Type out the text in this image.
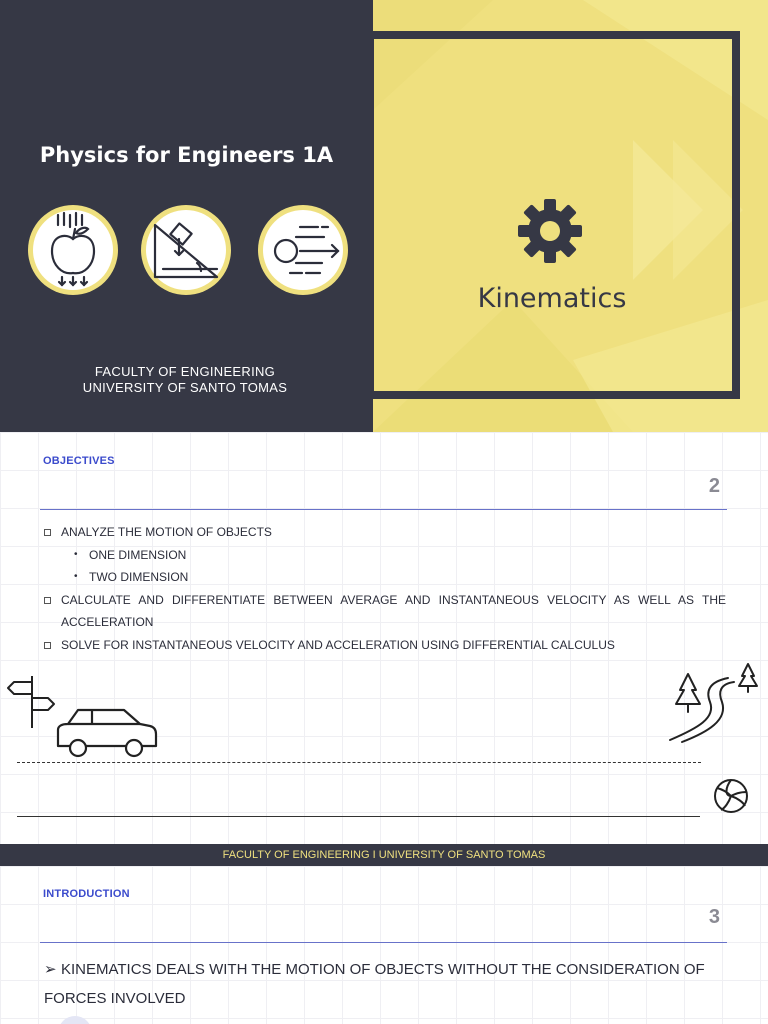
Physics for Engineers 1A
FACULTY OF ENGINEERING
UNIVERSITY OF SANTO TOMAS
Kinematics
OBJECTIVES
2
ANALYZE THE MOTION OF OBJECTS
• ONE DIMENSION
• TWO DIMENSION
CALCULATE AND DIFFERENTIATE BETWEEN AVERAGE AND INSTANTANEOUS VELOCITY AS WELL AS THE ACCELERATION
SOLVE FOR INSTANTANEOUS VELOCITY AND ACCELERATION USING DIFFERENTIAL CALCULUS
FACULTY OF ENGINEERING I UNIVERSITY OF SANTO TOMAS
INTRODUCTION
3
➢ KINEMATICS DEALS WITH THE MOTION OF OBJECTS WITHOUT THE CONSIDERATION OF FORCES INVOLVED
